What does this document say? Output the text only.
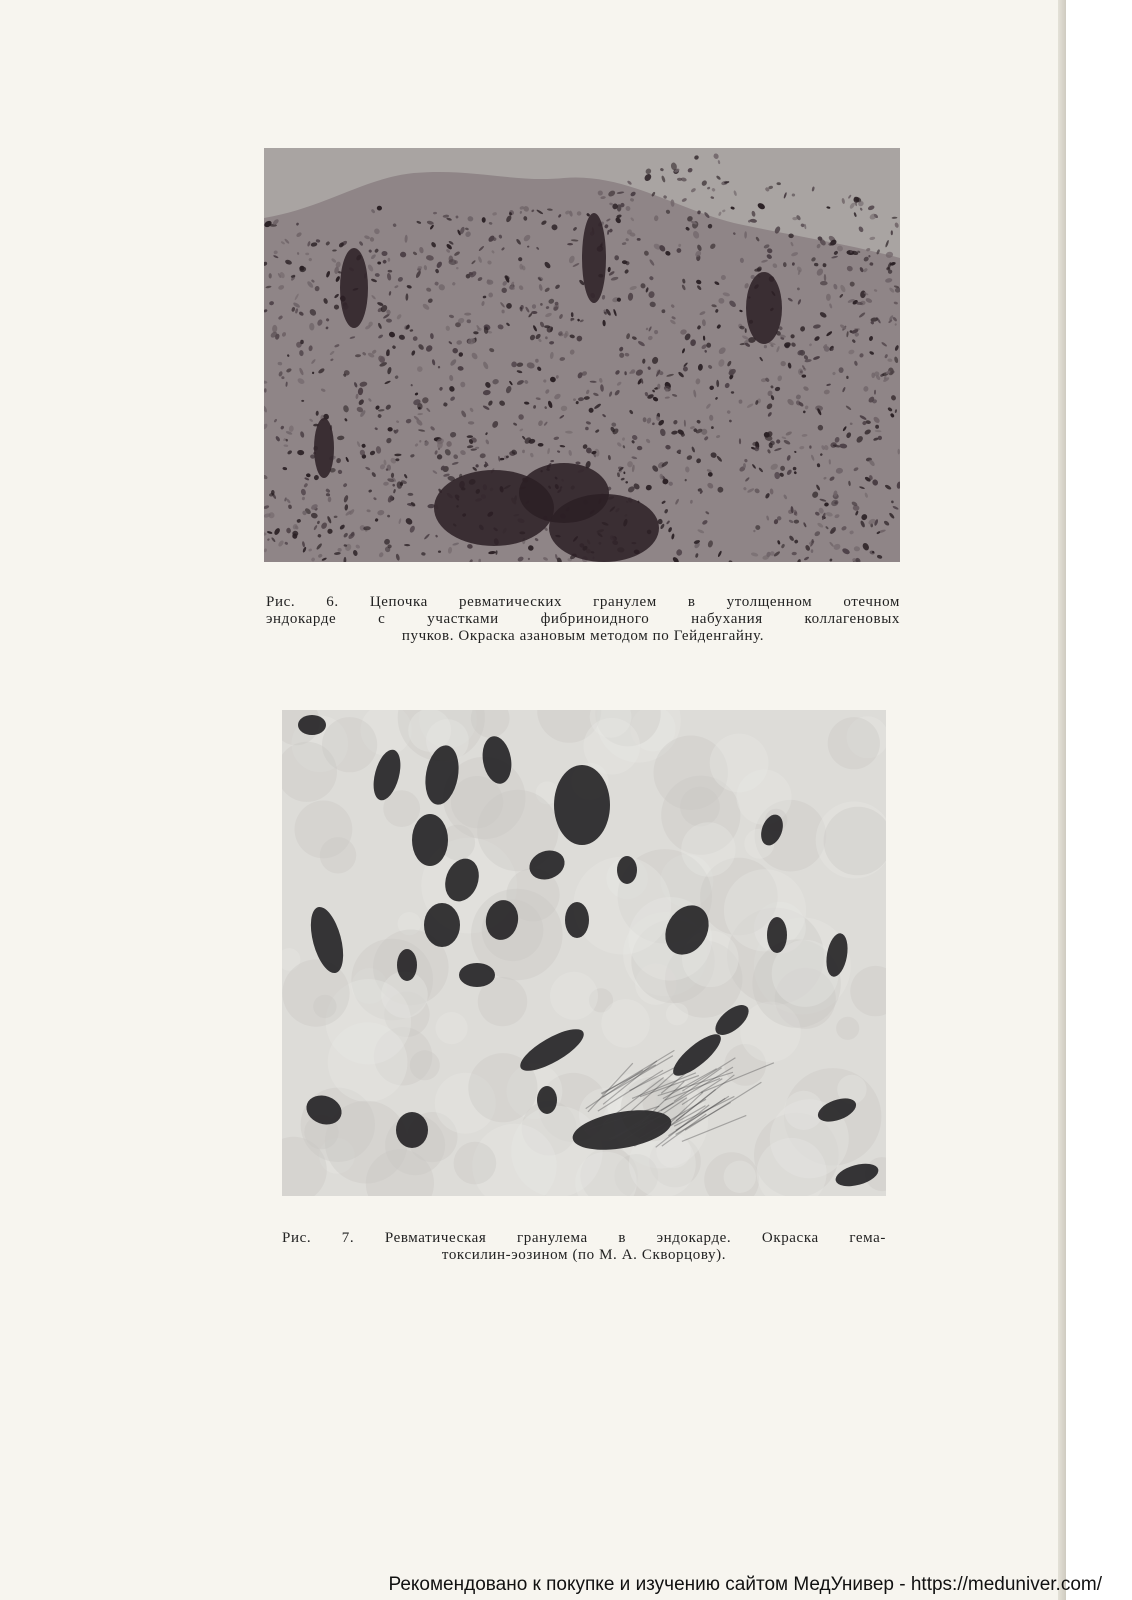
Рис. 6. Цепочка ревматических гранулем в утолщенном отечном
эндокарде с участками фибриноидного набухания коллагеновых
пучков. Окраска азановым методом по Гейденгайну.
Рис. 7. Ревматическая гранулема в эндокарде. Окраска гема-
токсилин-эозином (по М. А. Скворцову).
Рекомендовано к покупке и изучению сайтом МедУнивер - https://meduniver.com/
